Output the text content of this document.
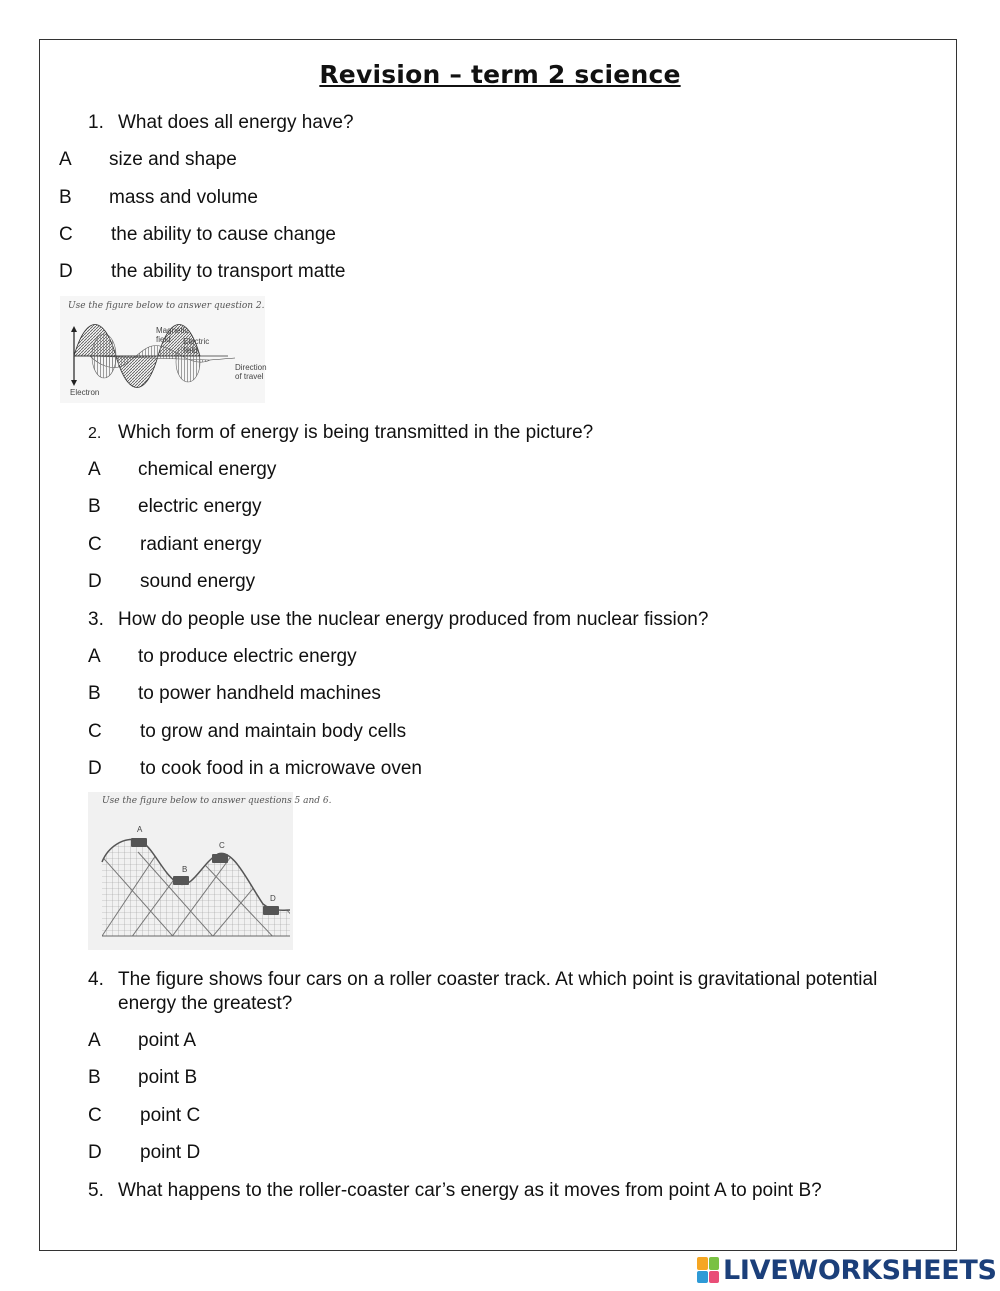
Revision – term 2 science
1. What does all energy have?
A size and shape
B mass and volume
C the ability to cause change
D the ability to transport matte
Use the figure below to answer question 2.
Magnetic field	Electric field
Direction of travel
Electron
2. Which form of energy is being transmitted in the picture?
A chemical energy
B electric energy
C radiant energy
D sound energy
3. How do people use the nuclear energy produced from nuclear fission?
A to produce electric energy
B to power handheld machines
C to grow and maintain body cells
D to cook food in a microwave oven
Use the figure below to answer questions 5 and 6.
A
B
C
D
4. The figure shows four cars on a roller coaster track. At which point is gravitational potential
energy the greatest?
A point A
B point B
C point C
D point D
5. What happens to the roller-coaster car’s energy as it moves from point A to point B?
LIVEWORKSHEETS
